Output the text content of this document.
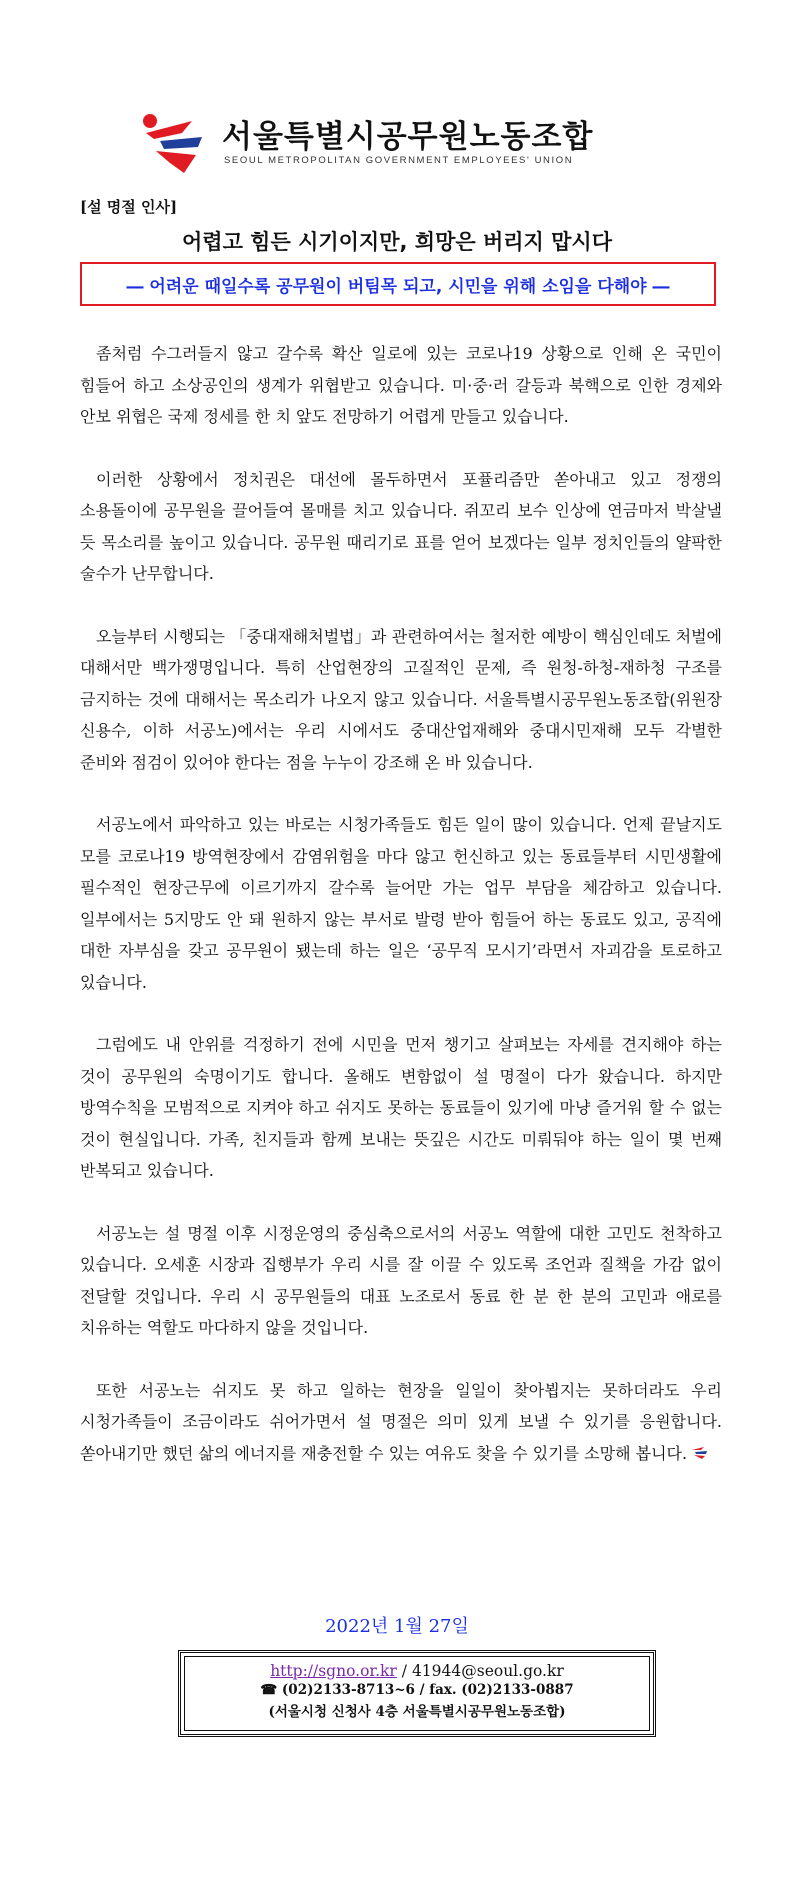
서울특별시공무원노동조합
SEOUL METROPOLITAN GOVERNMENT EMPLOYEES' UNION
[설 명절 인사]
어렵고 힘든 시기이지만, 희망은 버리지 맙시다
― 어려운 때일수록 공무원이 버팀목 되고, 시민을 위해 소임을 다해야 ―

좀처럼 수그러들지 않고 갈수록 확산 일로에 있는 코로나19 상황으로 인해 온 국민이 힘들어 하고 소상공인의 생계가 위협받고 있습니다. 미·중·러 갈등과 북핵으로 인한 경제와 안보 위협은 국제 정세를 한 치 앞도 전망하기 어렵게 만들고 있습니다.

이러한 상황에서 정치권은 대선에 몰두하면서 포퓰리즘만 쏟아내고 있고 정쟁의 소용돌이에 공무원을 끌어들여 몰매를 치고 있습니다. 쥐꼬리 보수 인상에 연금마저 박살낼 듯 목소리를 높이고 있습니다. 공무원 때리기로 표를 얻어 보겠다는 일부 정치인들의 얄팍한 술수가 난무합니다.

오늘부터 시행되는 「중대재해처벌법」과 관련하여서는 철저한 예방이 핵심인데도 처벌에 대해서만 백가쟁명입니다. 특히 산업현장의 고질적인 문제, 즉 원청-하청-재하청 구조를 금지하는 것에 대해서는 목소리가 나오지 않고 있습니다. 서울특별시공무원노동조합(위원장 신용수, 이하 서공노)에서는 우리 시에서도 중대산업재해와 중대시민재해 모두 각별한 준비와 점검이 있어야 한다는 점을 누누이 강조해 온 바 있습니다.

서공노에서 파악하고 있는 바로는 시청가족들도 힘든 일이 많이 있습니다. 언제 끝날지도 모를 코로나19 방역현장에서 감염위험을 마다 않고 헌신하고 있는 동료들부터 시민생활에 필수적인 현장근무에 이르기까지 갈수록 늘어만 가는 업무 부담을 체감하고 있습니다. 일부에서는 5지망도 안 돼 원하지 않는 부서로 발령 받아 힘들어 하는 동료도 있고, 공직에 대한 자부심을 갖고 공무원이 됐는데 하는 일은 ‘공무직 모시기’라면서 자괴감을 토로하고 있습니다.

그럼에도 내 안위를 걱정하기 전에 시민을 먼저 챙기고 살펴보는 자세를 견지해야 하는 것이 공무원의 숙명이기도 합니다. 올해도 변함없이 설 명절이 다가 왔습니다. 하지만 방역수칙을 모범적으로 지켜야 하고 쉬지도 못하는 동료들이 있기에 마냥 즐거워 할 수 없는 것이 현실입니다. 가족, 친지들과 함께 보내는 뜻깊은 시간도 미뤄둬야 하는 일이 몇 번째 반복되고 있습니다.

서공노는 설 명절 이후 시정운영의 중심축으로서의 서공노 역할에 대한 고민도 천착하고 있습니다. 오세훈 시장과 집행부가 우리 시를 잘 이끌 수 있도록 조언과 질책을 가감 없이 전달할 것입니다. 우리 시 공무원들의 대표 노조로서 동료 한 분 한 분의 고민과 애로를 치유하는 역할도 마다하지 않을 것입니다.

또한 서공노는 쉬지도 못 하고 일하는 현장을 일일이 찾아뵙지는 못하더라도 우리 시청가족들이 조금이라도 쉬어가면서 설 명절은 의미 있게 보낼 수 있기를 응원합니다. 쏟아내기만 했던 삶의 에너지를 재충전할 수 있는 여유도 찾을 수 있기를 소망해 봅니다.

2022년 1월 27일
http://sgno.or.kr / 41944@seoul.go.kr
☎ (02)2133-8713~6 / fax. (02)2133-0887
(서울시청 신청사 4층 서울특별시공무원노동조합)
